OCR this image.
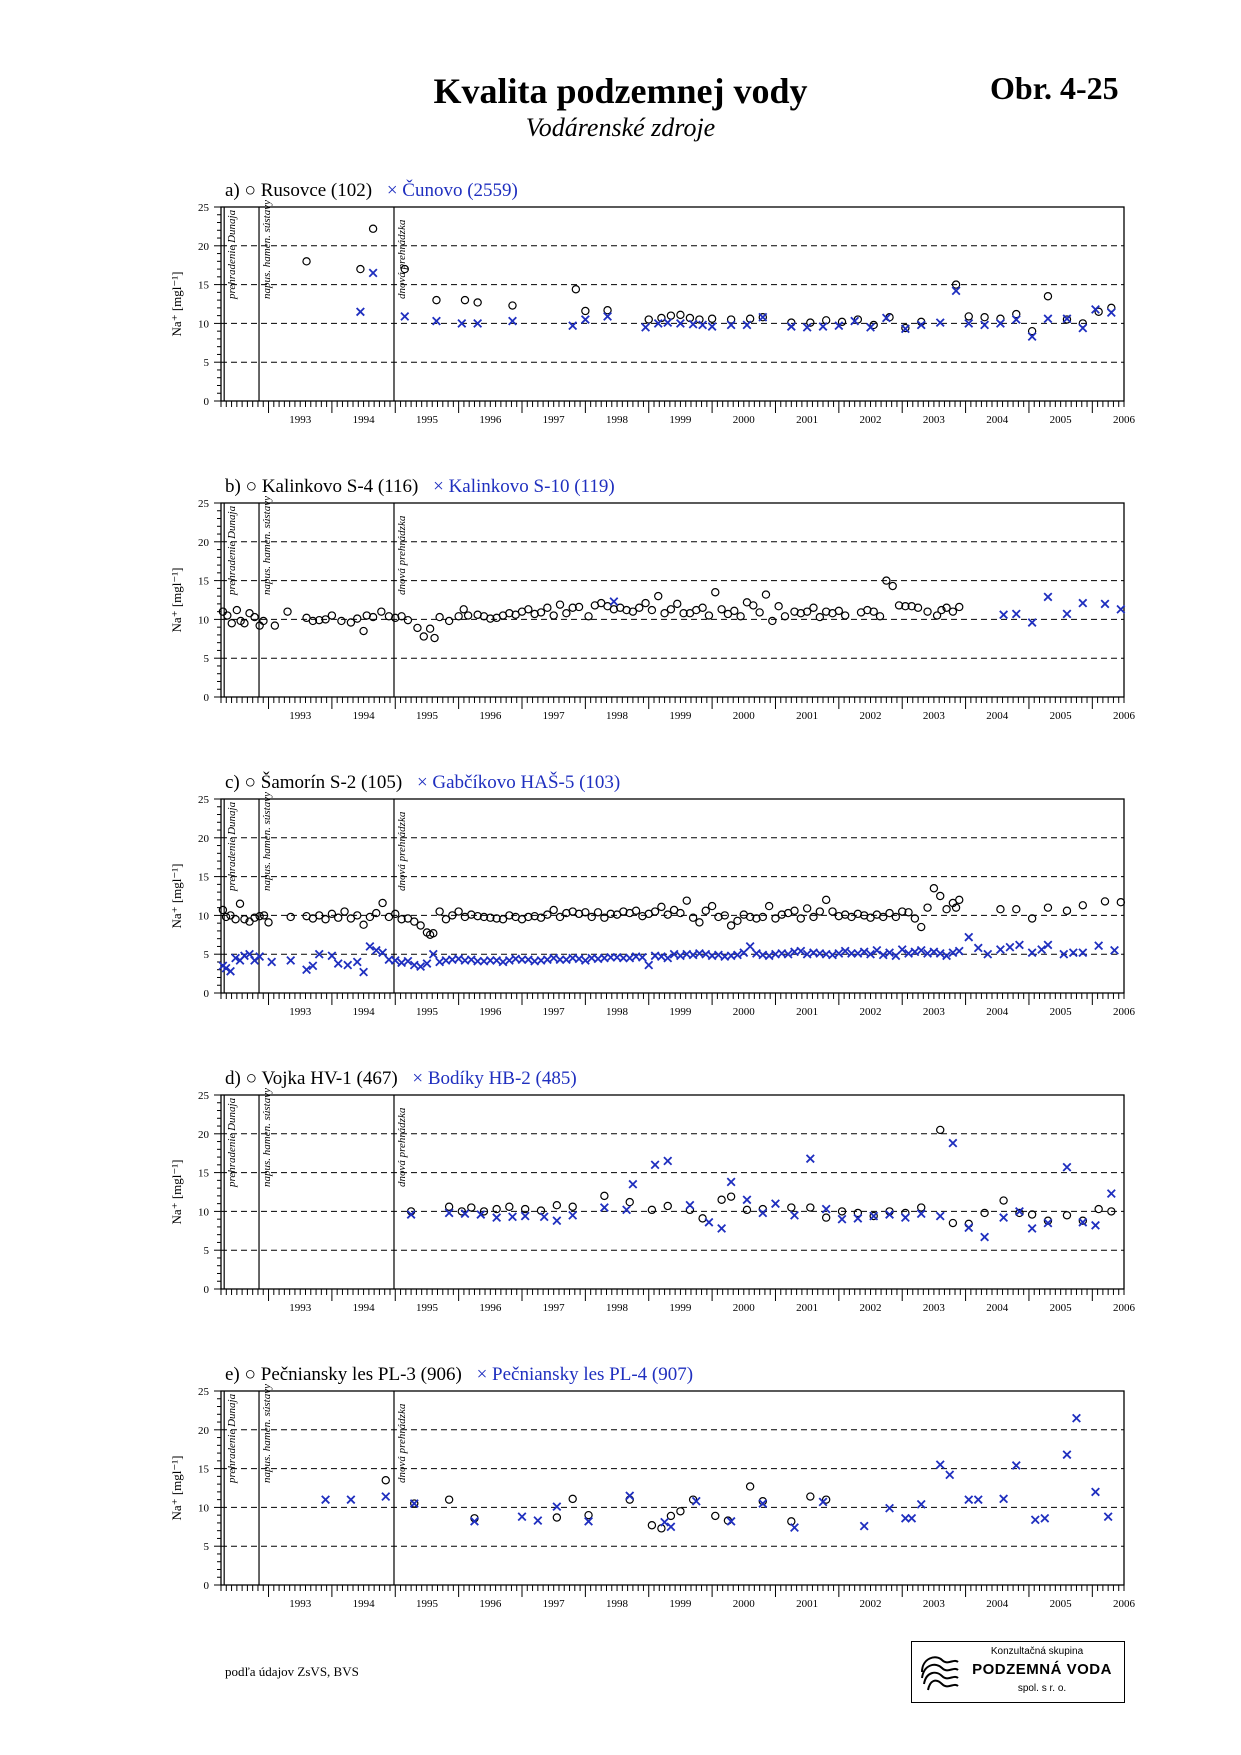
Kvalita podzemnej vody
Vodárenské zdroje
Obr. 4-25
a) ○ Rusovce (102) × Čunovo (2559)
0
5
10
15
20
25
Na⁺ [mgl⁻¹]
1993	1994	1995	1996	1997	1998	1999	2000	2001	2002	2003	2004	2005	2006
prehradenie Dunaja napus. hamen. sústavy	dnová prehrádzka
b) ○ Kalinkovo S-4 (116) × Kalinkovo S-10 (119)
0
5
10
15
20
25
Na⁺ [mgl⁻¹]
1993	1994	1995	1996	1997	1998	1999	2000	2001	2002	2003	2004	2005	2006
prehradenie Dunaja napus. hamen. sústavy	dnová prehrádzka
c) ○ Šamorín S-2 (105) × Gabčíkovo HAŠ-5 (103)
0
5
10
15
20
25
Na⁺ [mgl⁻¹]
1993	1994	1995	1996	1997	1998	1999	2000	2001	2002	2003	2004	2005	2006
prehradenie Dunaja napus. hamen. sústavy	dnová prehrádzka
d) ○ Vojka HV-1 (467) × Bodíky HB-2 (485)
0
5
10
15
20
25
Na⁺ [mgl⁻¹]
1993	1994	1995	1996	1997	1998	1999	2000	2001	2002	2003	2004	2005	2006
prehradenie Dunaja napus. hamen. sústavy	dnová prehrádzka
e) ○ Pečniansky les PL-3 (906) × Pečniansky les PL-4 (907)
0
5
10
15
20
25
Na⁺ [mgl⁻¹]
1993	1994	1995	1996	1997	1998	1999	2000	2001	2002	2003	2004	2005	2006
prehradenie Dunaja napus. hamen. sústavy	dnová prehrádzka
podľa údajov ZsVS, BVS
Konzultačná skupina
PODZEMNÁ VODA
spol. s r. o.
